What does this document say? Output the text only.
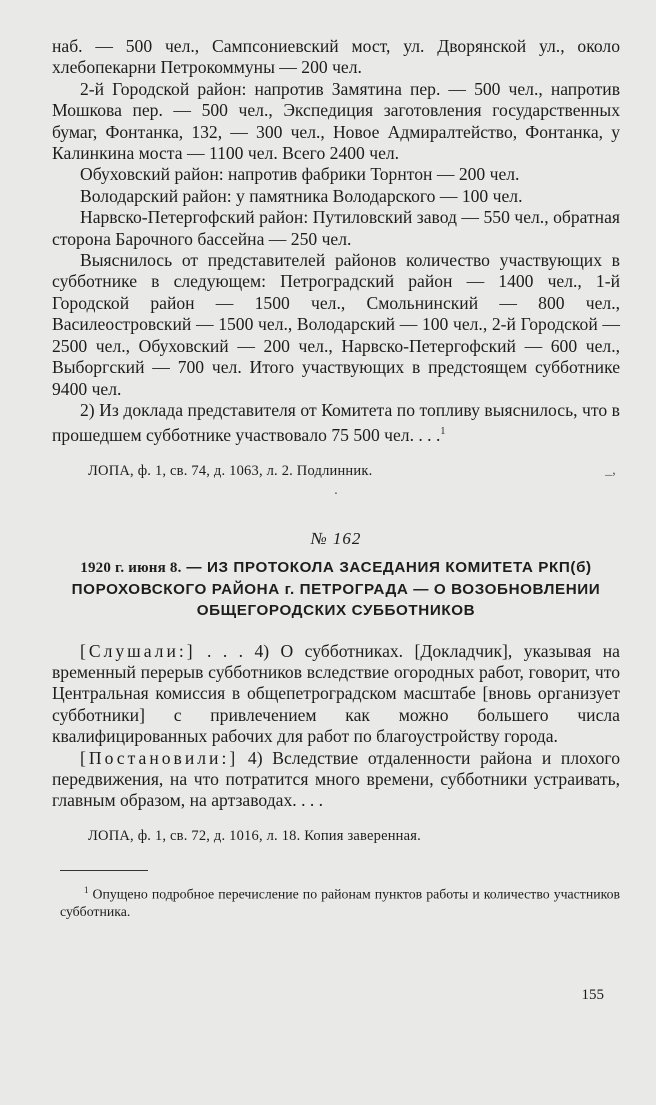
наб. — 500 чел., Сампсониевский мост, ул. Дворянской ул., около хлебопекарни Петрокоммуны — 200 чел.

2-й Городской район: напротив Замятина пер. — 500 чел., напротив Мошкова пер. — 500 чел., Экспедиция заготовления государственных бумаг, Фонтанка, 132, — 300 чел., Новое Адмиралтейство, Фонтанка, у Калинкина моста — 1100 чел. Всего 2400 чел.

Обуховский район: напротив фабрики Торнтон — 200 чел.

Володарский район: у памятника Володарского — 100 чел.

Нарвско-Петергофский район: Путиловский завод — 550 чел., обратная сторона Барочного бассейна — 250 чел.

Выяснилось от представителей районов количество участвующих в субботнике в следующем: Петроградский район — 1400 чел., 1-й Городской район — 1500 чел., Смольнинский — 800 чел., Василеостровский — 1500 чел., Володарский — 100 чел., 2-й Городской — 2500 чел., Обуховский — 200 чел., Нарвско-Петергофский — 600 чел., Выборгский — 700 чел. Итого участвующих в предстоящем субботнике 9400 чел.

2) Из доклада представителя от Комитета по топливу выяснилось, что в прошедшем субботнике участвовало 75 500 чел. . . .$^1$

ЛОПА, ф. 1, св. 74, д. 1063, л. 2. Подлинник.	_,
·
№ 162
1920 г. июня 8. — ИЗ ПРОТОКОЛА ЗАСЕДАНИЯ КОМИТЕТА РКП(б) ПОРОХОВСКОГО РАЙОНА г. ПЕТРОГРАДА — О ВОЗОБНОВЛЕНИИ ОБЩЕГОРОДСКИХ СУББОТНИКОВ

[Слушали:] . . . 4) О субботниках. [Докладчик], указывая на временный перерыв субботников вследствие огородных работ, говорит, что Центральная комиссия в общепетроградском масштабе [вновь организует субботники] с привлечением как можно большего числа квалифицированных рабочих для работ по благоустройству города.

[Постановили:] 4) Вследствие отдаленности района и плохого передвижения, на что потратится много времени, субботники устраивать, главным образом, на артзаводах. . . .

ЛОПА, ф. 1, св. 72, д. 1016, л. 18. Копия заверенная.

$^1$ Опущено подробное перечисление по районам пунктов работы и количество участников субботника.

155
